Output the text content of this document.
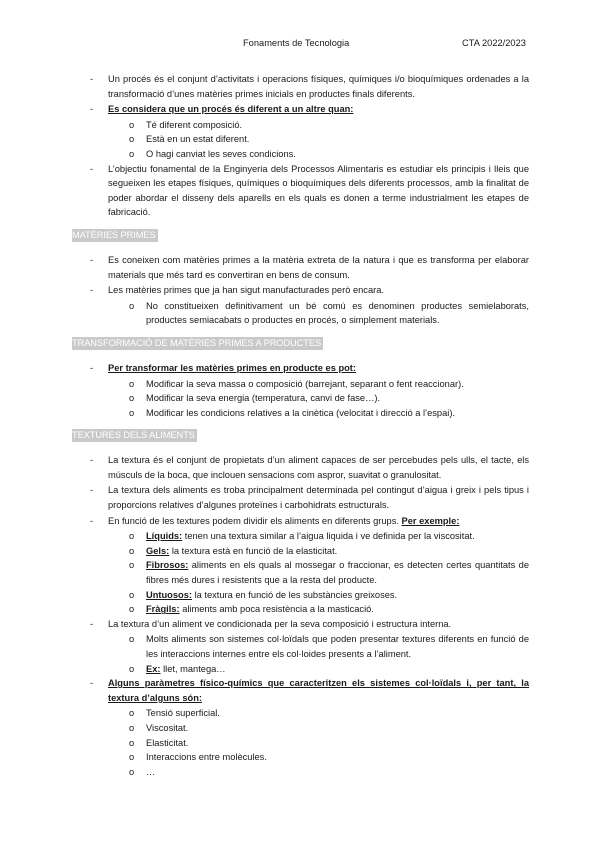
Fonaments de Tecnologia	CTA 2022/2023
- Un procés és el conjunt d’activitats i operacions físiques, químiques i/o bioquímiques ordenades a la transformació d’unes matèries primes inicials en productes finals diferents.
- Es considera que un procés és diferent a un altre quan:
o Té diferent composició.
o Està en un estat diferent.
o O hagi canviat les seves condicions.
- L’objectiu fonamental de la Enginyeria dels Processos Alimentaris es estudiar els principis i lleis que segueixen les etapes físiques, químiques o bioquímiques dels diferents processos, amb la finalitat de poder abordar el disseny dels aparells en els quals es donen a terme industrialment les etapes de fabricació.
MATÈRIES PRIMES
- Es coneixen com matèries primes a la matèria extreta de la natura i que es transforma per elaborar materials que més tard es convertiran en bens de consum.
- Les matèries primes que ja han sigut manufacturades però encara.
o No constitueixen definitivament un bé comú es denominen productes semielaborats, productes semiacabats o productes en procés, o simplement materials.
TRANSFORMACIÓ DE MATÈRIES PRIMES A PRODUCTES
- Per transformar les matèries primes en producte es pot:
o Modificar la seva massa o composició (barrejant, separant o fent reaccionar).
o Modificar la seva energia (temperatura, canvi de fase…).
o Modificar les condicions relatives a la cinètica (velocitat i direcció a l’espai).
TEXTURES DELS ALIMENTS
- La textura és el conjunt de propietats d’un aliment capaces de ser percebudes pels ulls, el tacte, els músculs de la boca, que inclouen sensacions com aspror, suavitat o granulositat.
- La textura dels aliments es troba principalment determinada pel contingut d’aigua i greix i pels tipus i proporcions relatives d’algunes proteïnes i carbohidrats estructurals.
- En funció de les textures podem dividir els aliments en diferents grups. Per exemple:
o Líquids: tenen una textura similar a l’aigua liquida i ve definida per la viscositat.
o Gels: la textura està en funció de la elasticitat.
o Fibrosos: aliments en els quals al mossegar o fraccionar, es detecten certes quantitats de fibres més dures i resistents que a la resta del producte.
o Untuosos: la textura en funció de les substàncies greixoses.
o Fràgils: aliments amb poca resistència a la masticació.
- La textura d’un aliment ve condicionada per la seva composició i estructura interna.
o Molts aliments son sistemes col·loïdals que poden presentar textures diferents en funció de les interaccions internes entre els col·loides presents a l’aliment.
o Ex: llet, mantega…
- Alguns paràmetres físico-químics que caracteritzen els sistemes col·loïdals i, per tant, la textura d’alguns són:
o Tensió superficial.
o Viscositat.
o Elasticitat.
o Interaccions entre molècules.
o …
